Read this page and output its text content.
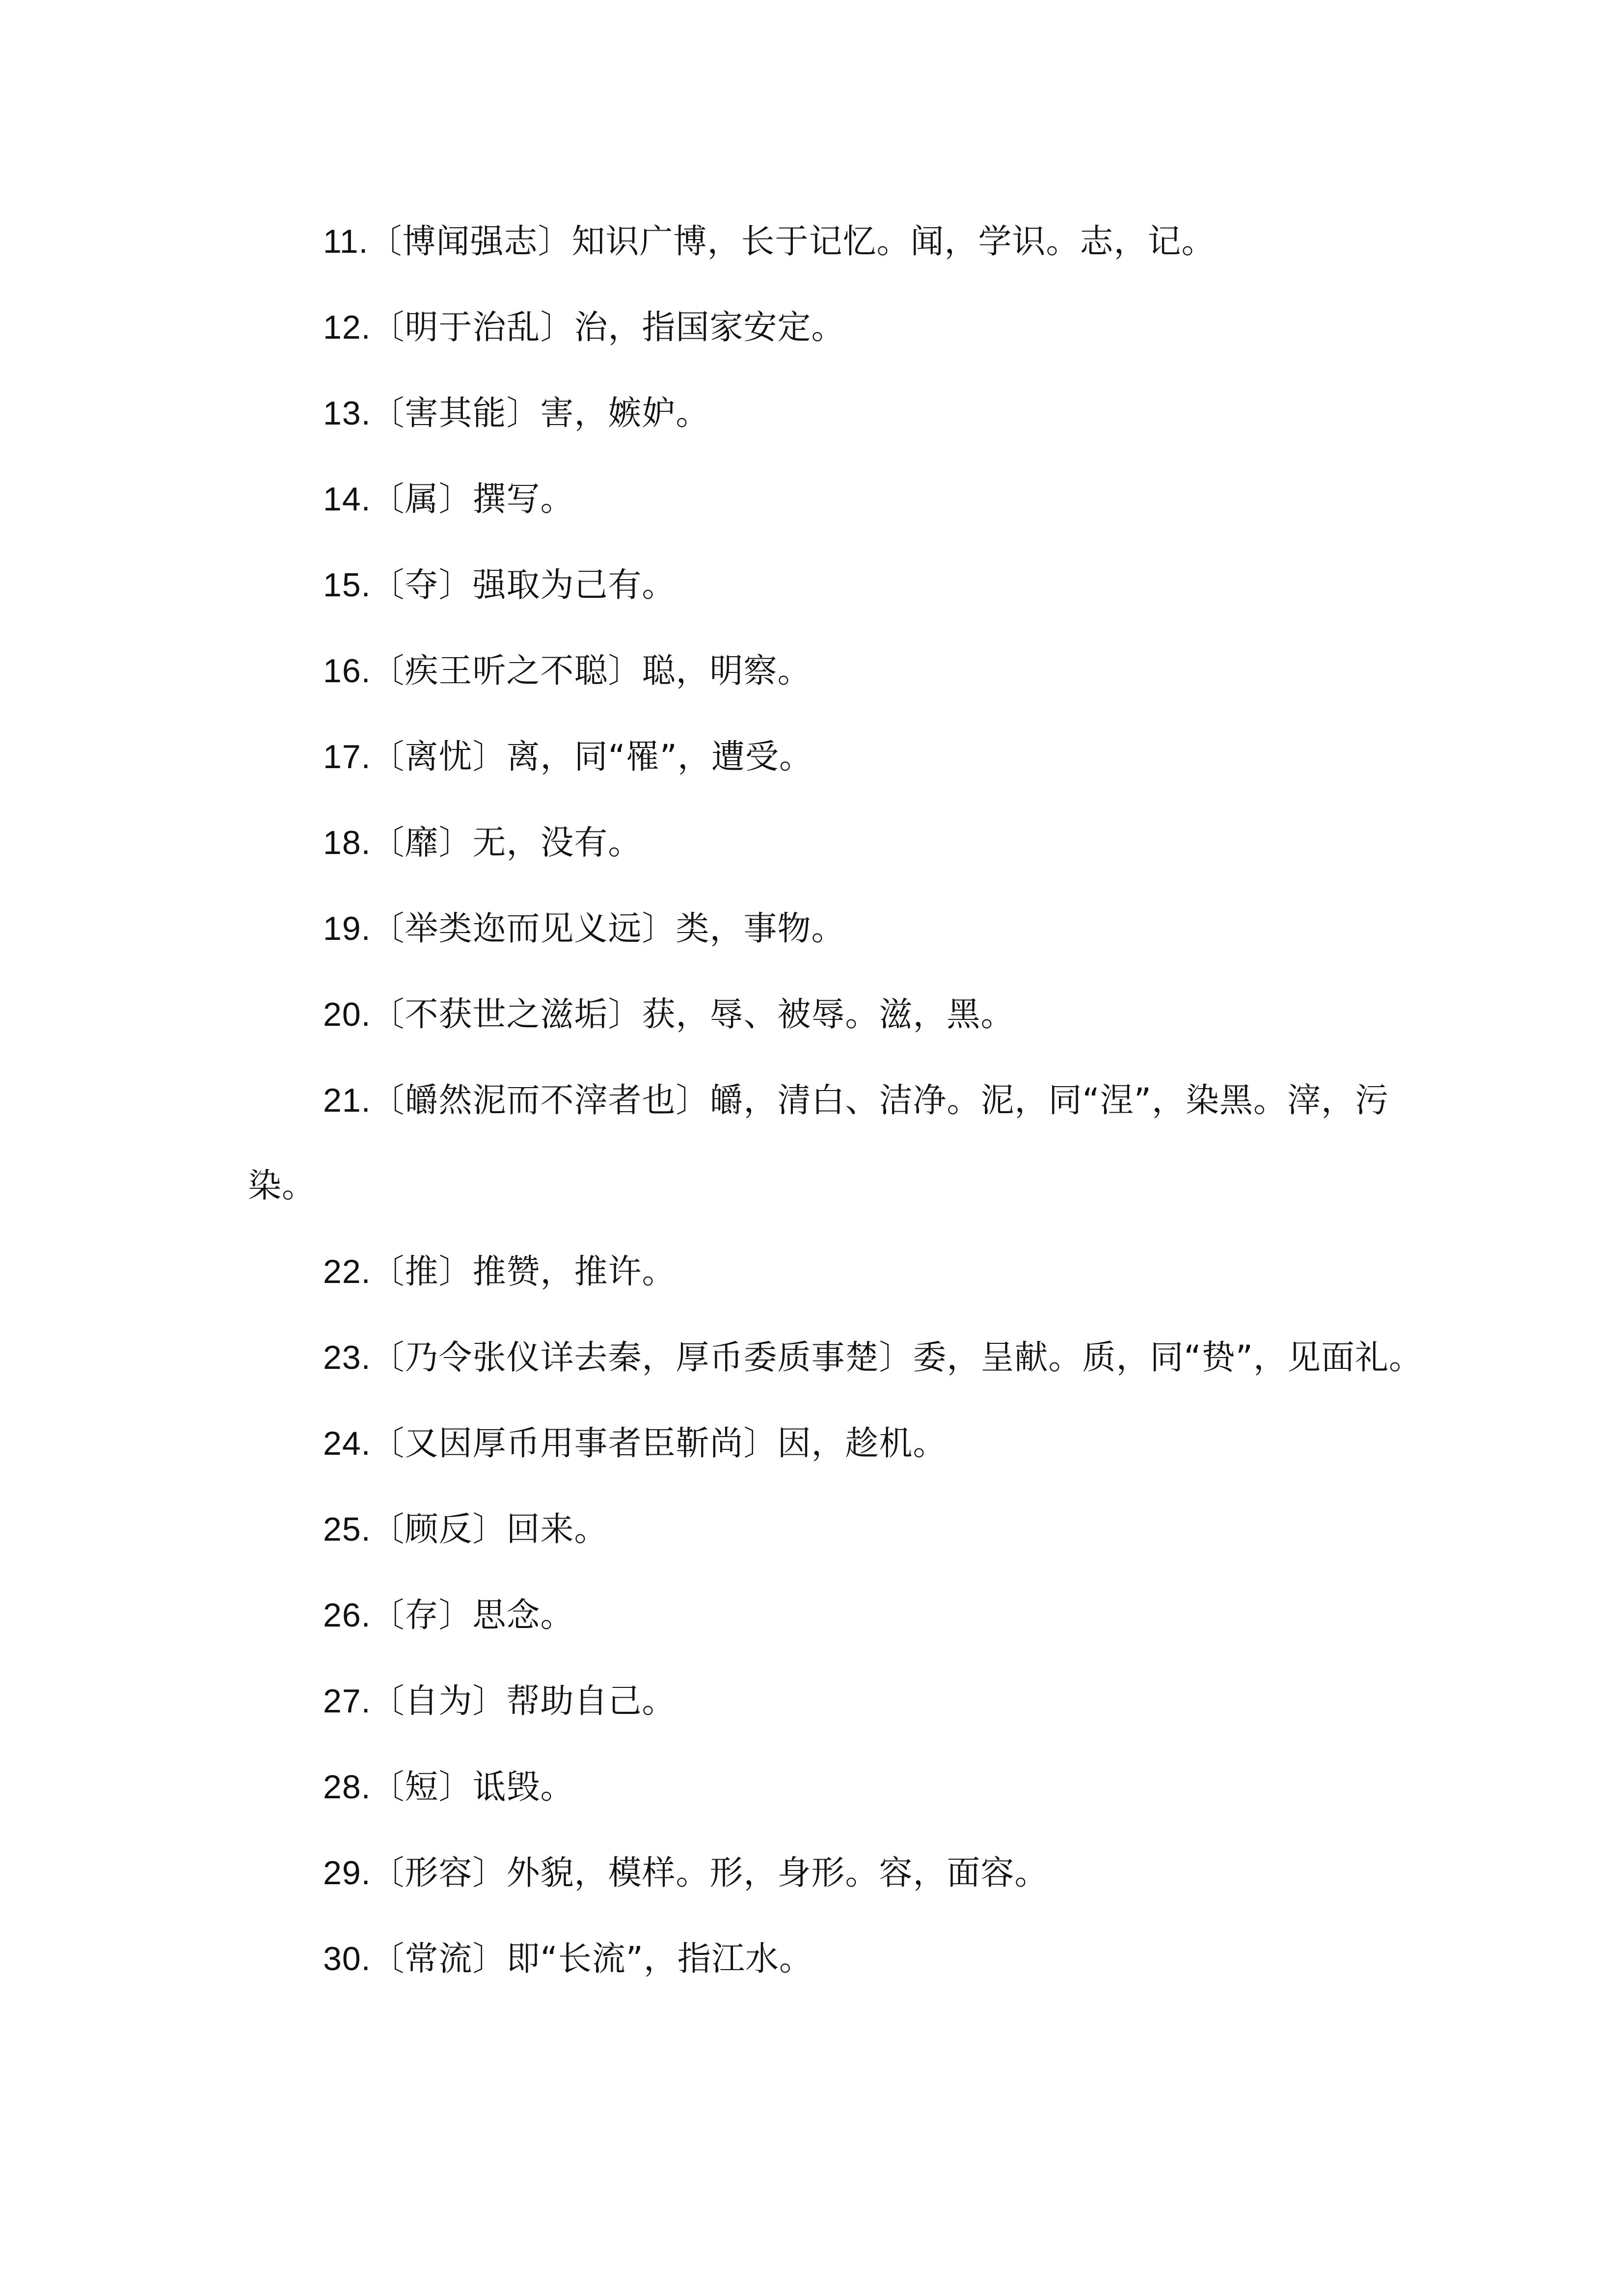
11.〔博闻强志〕知识广博，长于记忆。闻，学识。志，记。

12.〔明于治乱〕治，指国家安定。

13.〔害其能〕害，嫉妒。

14.〔属〕撰写。

15.〔夺〕强取为己有。

16.〔疾王听之不聪〕聪，明察。

17.〔离忧〕离，同“罹”，遭受。

18.〔靡〕无，没有。

19.〔举类迩而见义远〕类，事物。

20.〔不获世之滋垢〕获，辱、被辱。滋，黑。

21.〔皭然泥而不滓者也〕皭，清白、洁净。泥，同“涅”，染黑。滓，污染。

22.〔推〕推赞，推许。

23.〔乃令张仪详去秦，厚币委质事楚〕委，呈献。质，同“贽”，见面礼。

24.〔又因厚币用事者臣靳尚〕因，趁机。

25.〔顾反〕回来。

26.〔存〕思念。

27.〔自为〕帮助自己。

28.〔短〕诋毁。

29.〔形容〕外貌，模样。形，身形。容，面容。

30.〔常流〕即“长流”，指江水。
